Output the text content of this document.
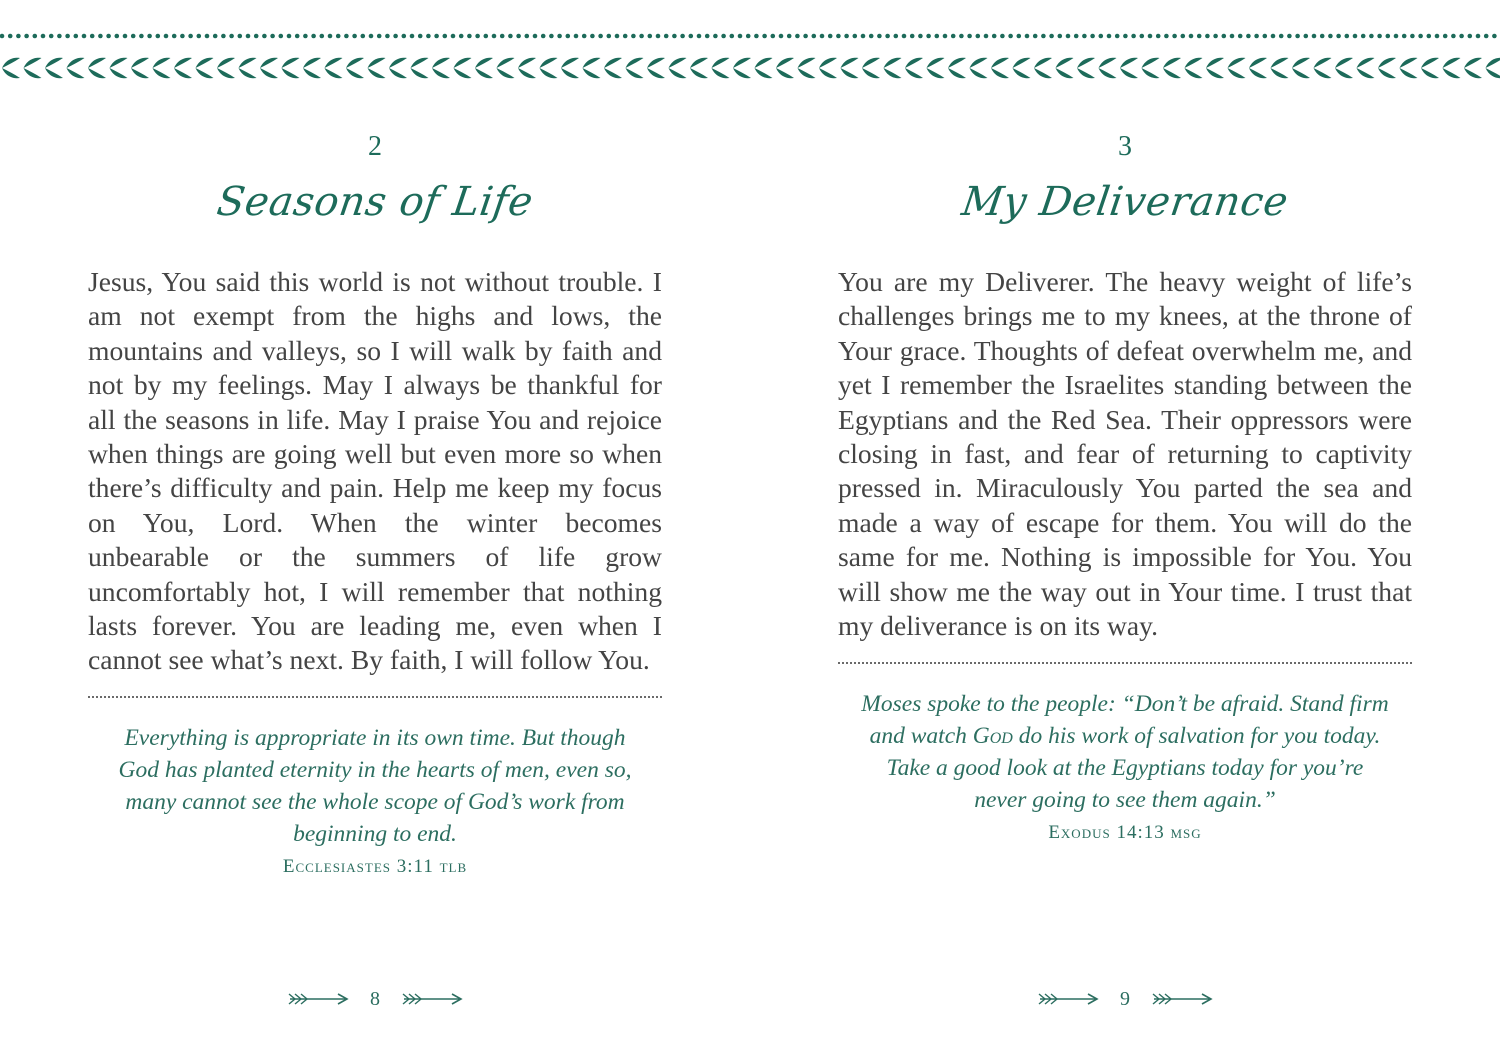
2
Seasons of Life

Jesus, You said this world is not without trouble. I am not exempt from the highs and lows, the mountains and valleys, so I will walk by faith and not by my feelings. May I always be thankful for all the seasons in life. May I praise You and rejoice when things are going well but even more so when there’s difficulty and pain. Help me keep my focus on You, Lord. When the winter becomes unbearable or the summers of life grow uncomfortably hot, I will remember that nothing lasts forever. You are leading me, even when I cannot see what’s next. By faith, I will follow You.

Everything is appropriate in its own time. But though God has planted eternity in the hearts of men, even so, many cannot see the whole scope of God’s work from beginning to end.
Ecclesiastes 3:11 tlb
8
3
My Deliverance

You are my Deliverer. The heavy weight of life’s challenges brings me to my knees, at the throne of Your grace. Thoughts of defeat overwhelm me, and yet I remember the Israelites standing between the Egyptians and the Red Sea. Their oppressors were closing in fast, and fear of returning to captivity pressed in. Miraculously You parted the sea and made a way of escape for them. You will do the same for me. Nothing is impossible for You. You will show me the way out in Your time. I trust that my deliverance is on its way.

Moses spoke to the people: “Don’t be afraid. Stand firm and watch God do his work of salvation for you today. Take a good look at the Egyptians today for you’re never going to see them again.”
Exodus 14:13 msg
9
